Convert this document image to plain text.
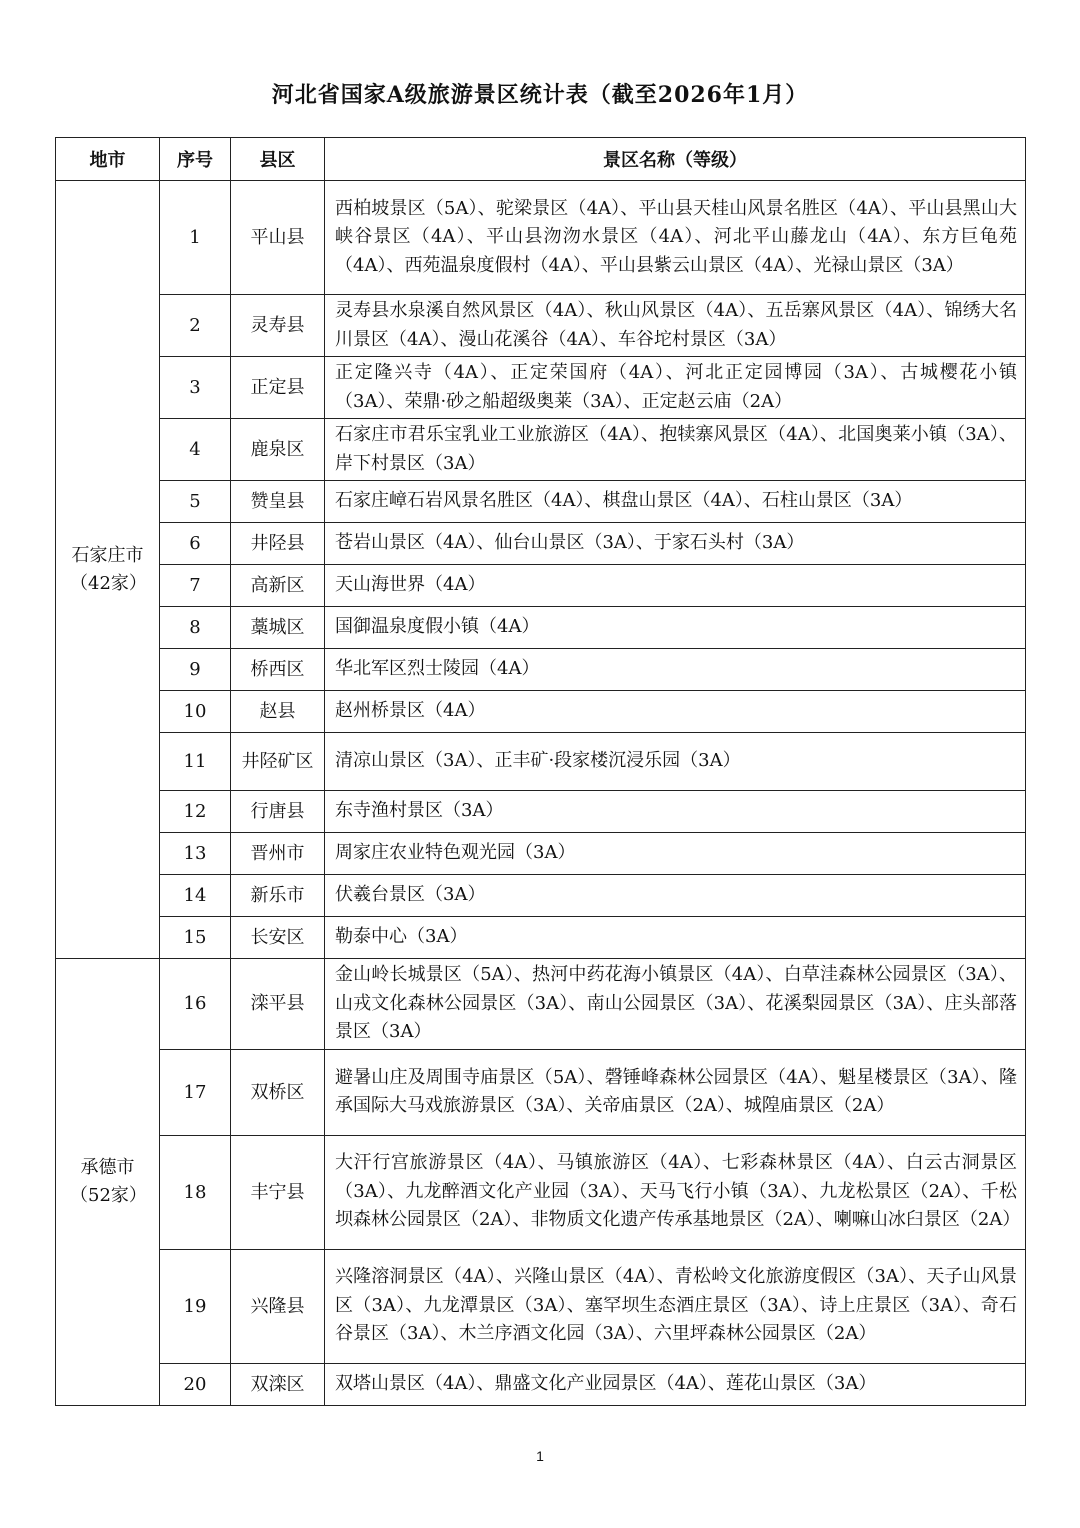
河北省国家A级旅游景区统计表（截至2026年1月）
地市	序号	县区	景区名称（等级）
石家庄市（42家）	1	平山县	西柏坡景区（5A）、驼梁景区（4A）、平山县天桂山风景名胜区（4A）、平山县黑山大峡谷景区（4A）、平山县沕沕水景区（4A）、河北平山藤龙山（4A）、东方巨龟苑（4A）、西苑温泉度假村（4A）、平山县紫云山景区（4A）、光禄山景区（3A）
	2	灵寿县	灵寿县水泉溪自然风景区（4A）、秋山风景区（4A）、五岳寨风景区（4A）、锦绣大名川景区（4A）、漫山花溪谷（4A）、车谷坨村景区（3A）
	3	正定县	正定隆兴寺（4A）、正定荣国府（4A）、河北正定园博园（3A）、古城樱花小镇（3A）、荣鼎·砂之船超级奥莱（3A）、正定赵云庙（2A）
	4	鹿泉区	石家庄市君乐宝乳业工业旅游区（4A）、抱犊寨风景区（4A）、北国奥莱小镇（3A）、岸下村景区（3A）
	5	赞皇县	石家庄嶂石岩风景名胜区（4A）、棋盘山景区（4A）、石柱山景区（3A）
	6	井陉县	苍岩山景区（4A）、仙台山景区（3A）、于家石头村（3A）
	7	高新区	天山海世界（4A）
	8	藁城区	国御温泉度假小镇（4A）
	9	桥西区	华北军区烈士陵园（4A）
	10	赵县	赵州桥景区（4A）
	11	井陉矿区	清凉山景区（3A）、正丰矿·段家楼沉浸乐园（3A）
	12	行唐县	东寺渔村景区（3A）
	13	晋州市	周家庄农业特色观光园（3A）
	14	新乐市	伏羲台景区（3A）
	15	长安区	勒泰中心（3A）
承德市（52家）	16	滦平县	金山岭长城景区（5A）、热河中药花海小镇景区（4A）、白草洼森林公园景区（3A）、山戎文化森林公园景区（3A）、南山公园景区（3A）、花溪梨园景区（3A）、庄头部落景区（3A）
	17	双桥区	避暑山庄及周围寺庙景区（5A）、磬锤峰森林公园景区（4A）、魁星楼景区（3A）、隆承国际大马戏旅游景区（3A）、关帝庙景区（2A）、城隍庙景区（2A）
	18	丰宁县	大汗行宫旅游景区（4A）、马镇旅游区（4A）、七彩森林景区（4A）、白云古洞景区（3A）、九龙醉酒文化产业园（3A）、天马飞行小镇（3A）、九龙松景区（2A）、千松坝森林公园景区（2A）、非物质文化遗产传承基地景区（2A）、喇嘛山冰臼景区（2A）
	19	兴隆县	兴隆溶洞景区（4A）、兴隆山景区（4A）、青松岭文化旅游度假区（3A）、天子山风景区（3A）、九龙潭景区（3A）、塞罕坝生态酒庄景区（3A）、诗上庄景区（3A）、奇石谷景区（3A）、木兰序酒文化园（3A）、六里坪森林公园景区（2A）
	20	双滦区	双塔山景区（4A）、鼎盛文化产业园景区（4A）、莲花山景区（3A）
1
